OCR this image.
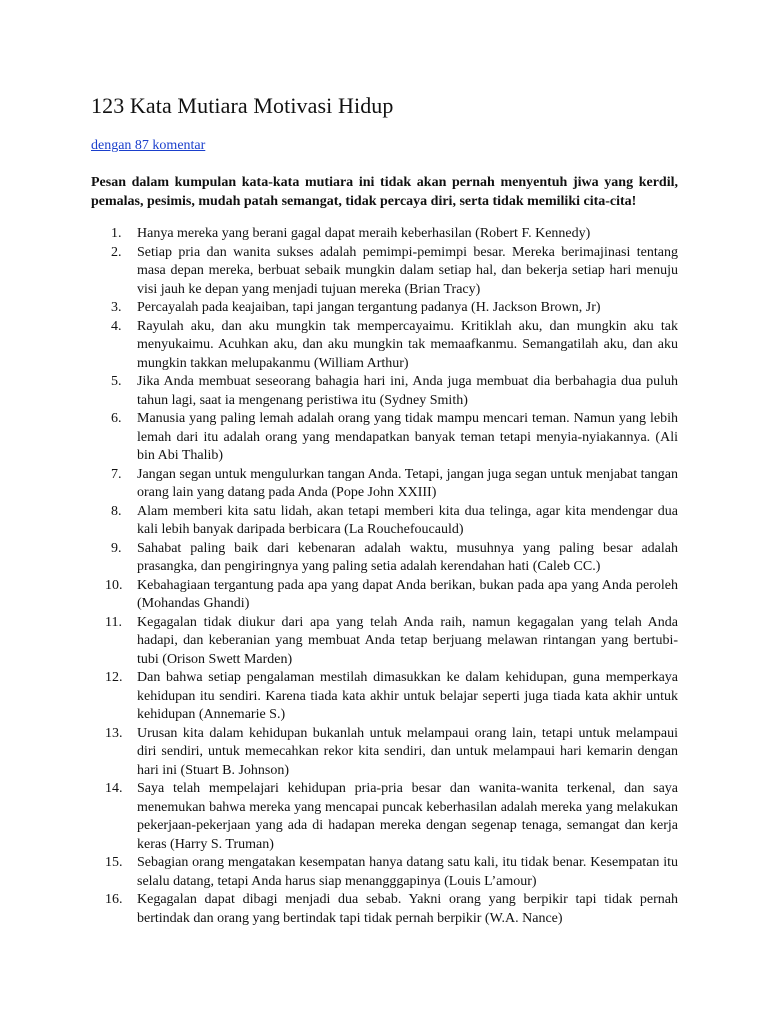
123 Kata Mutiara Motivasi Hidup
dengan 87 komentar

Pesan dalam kumpulan kata-kata mutiara ini tidak akan pernah menyentuh jiwa yang kerdil, pemalas, pesimis, mudah patah semangat, tidak percaya diri, serta tidak memiliki cita-cita!

1. Hanya mereka yang berani gagal dapat meraih keberhasilan (Robert F. Kennedy)
2. Setiap pria dan wanita sukses adalah pemimpi-pemimpi besar. Mereka berimajinasi tentang masa depan mereka, berbuat sebaik mungkin dalam setiap hal, dan bekerja setiap hari menuju visi jauh ke depan yang menjadi tujuan mereka (Brian Tracy)
3. Percayalah pada keajaiban, tapi jangan tergantung padanya (H. Jackson Brown, Jr)
4. Rayulah aku, dan aku mungkin tak mempercayaimu. Kritiklah aku, dan mungkin aku tak menyukaimu. Acuhkan aku, dan aku mungkin tak memaafkanmu. Semangatilah aku, dan aku mungkin takkan melupakanmu (William Arthur)
5. Jika Anda membuat seseorang bahagia hari ini, Anda juga membuat dia berbahagia dua puluh tahun lagi, saat ia mengenang peristiwa itu (Sydney Smith)
6. Manusia yang paling lemah adalah orang yang tidak mampu mencari teman. Namun yang lebih lemah dari itu adalah orang yang mendapatkan banyak teman tetapi menyia-nyiakannya. (Ali bin Abi Thalib)
7. Jangan segan untuk mengulurkan tangan Anda. Tetapi, jangan juga segan untuk menjabat tangan orang lain yang datang pada Anda (Pope John XXIII)
8. Alam memberi kita satu lidah, akan tetapi memberi kita dua telinga, agar kita mendengar dua kali lebih banyak daripada berbicara (La Rouchefoucauld)
9. Sahabat paling baik dari kebenaran adalah waktu, musuhnya yang paling besar adalah prasangka, dan pengiringnya yang paling setia adalah kerendahan hati (Caleb CC.)
10. Kebahagiaan tergantung pada apa yang dapat Anda berikan, bukan pada apa yang Anda peroleh (Mohandas Ghandi)
11. Kegagalan tidak diukur dari apa yang telah Anda raih, namun kegagalan yang telah Anda hadapi, dan keberanian yang membuat Anda tetap berjuang melawan rintangan yang bertubi-tubi (Orison Swett Marden)
12. Dan bahwa setiap pengalaman mestilah dimasukkan ke dalam kehidupan, guna memperkaya kehidupan itu sendiri. Karena tiada kata akhir untuk belajar seperti juga tiada kata akhir untuk kehidupan (Annemarie S.)
13. Urusan kita dalam kehidupan bukanlah untuk melampaui orang lain, tetapi untuk melampaui diri sendiri, untuk memecahkan rekor kita sendiri, dan untuk melampaui hari kemarin dengan hari ini (Stuart B. Johnson)
14. Saya telah mempelajari kehidupan pria-pria besar dan wanita-wanita terkenal, dan saya menemukan bahwa mereka yang mencapai puncak keberhasilan adalah mereka yang melakukan pekerjaan-pekerjaan yang ada di hadapan mereka dengan segenap tenaga, semangat dan kerja keras (Harry S. Truman)
15. Sebagian orang mengatakan kesempatan hanya datang satu kali, itu tidak benar. Kesempatan itu selalu datang, tetapi Anda harus siap menangggapinya (Louis L’amour)
16. Kegagalan dapat dibagi menjadi dua sebab. Yakni orang yang berpikir tapi tidak pernah bertindak dan orang yang bertindak tapi tidak pernah berpikir (W.A. Nance)
